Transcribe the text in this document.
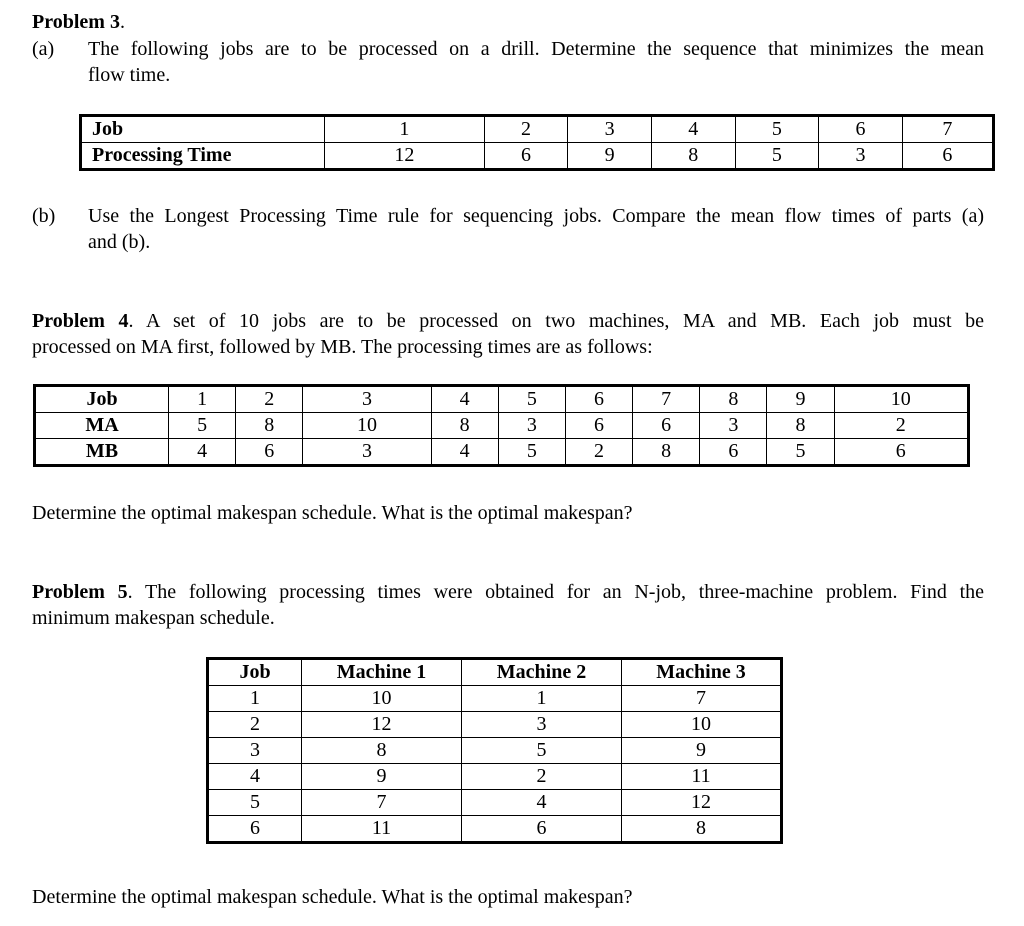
Problem 3.
(a) The following jobs are to be processed on a drill. Determine the sequence that minimizes the mean
flow time.
Job	1	2	3	4	5	6	7
Processing Time	12	6	9	8	5	3	6
(b) Use the Longest Processing Time rule for sequencing jobs. Compare the mean flow times of parts (a)
and (b).
Problem 4. A set of 10 jobs are to be processed on two machines, MA and MB. Each job must be
processed on MA first, followed by MB. The processing times are as follows:
Job	1	2	3	4	5	6	7	8	9	10
MA	5	8	10	8	3	6	6	3	8	2
MB	4	6	3	4	5	2	8	6	5	6
Determine the optimal makespan schedule. What is the optimal makespan?
Problem 5. The following processing times were obtained for an N-job, three-machine problem. Find the
minimum makespan schedule.
Job	Machine 1	Machine 2	Machine 3
1	10	1	7
2	12	3	10
3	8	5	9
4	9	2	11
5	7	4	12
6	11	6	8
Determine the optimal makespan schedule. What is the optimal makespan?
